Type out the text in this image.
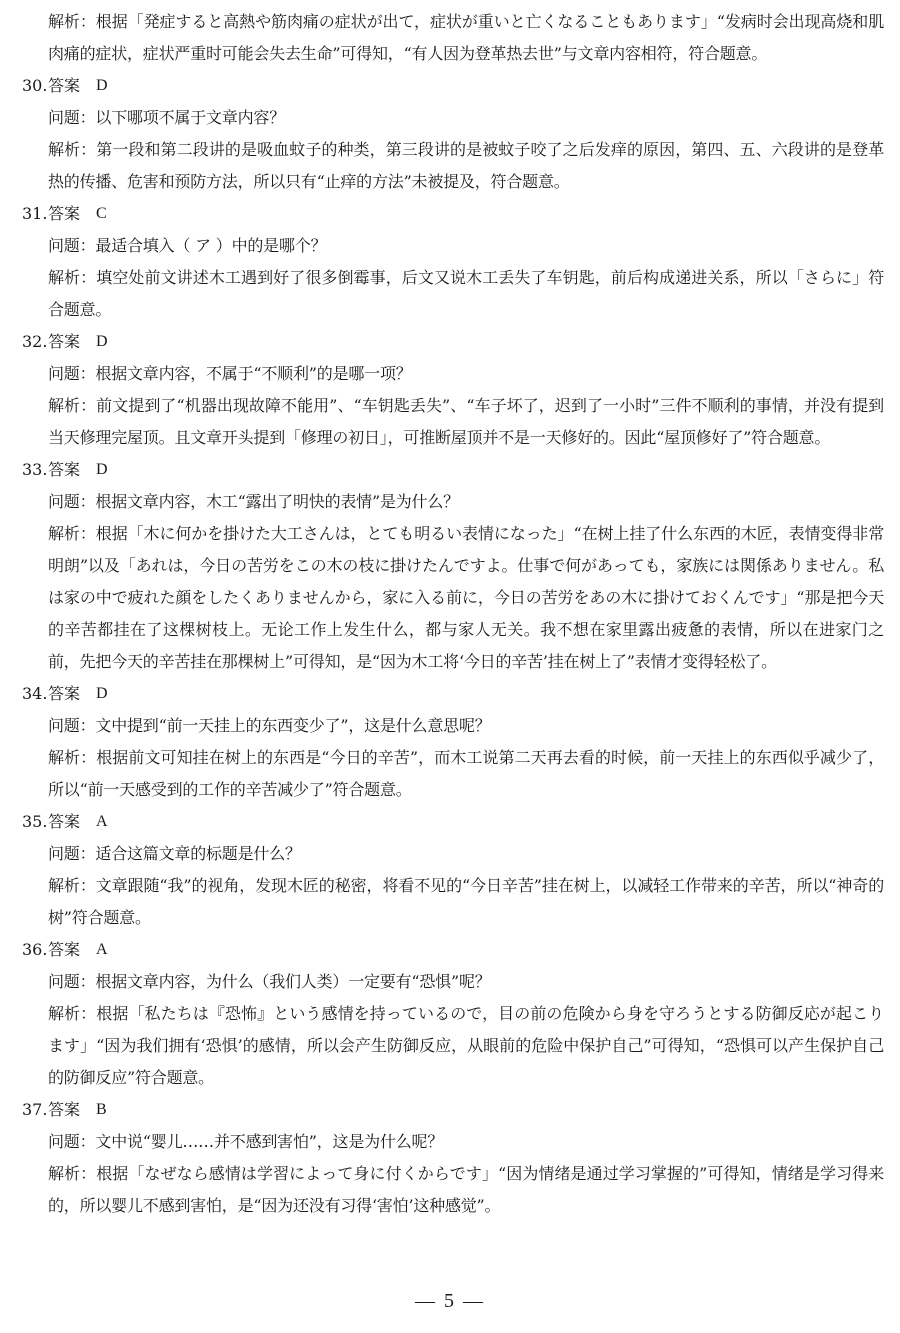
解析：根据「発症すると高熱や筋肉痛の症状が出て，症状が重いと亡くなることもあります」“发病时会出现高烧和肌肉痛的症状，症状严重时可能会失去生命”可得知，“有人因为登革热去世”与文章内容相符，符合题意。

30. 答案 D

问题：以下哪项不属于文章内容？

解析：第一段和第二段讲的是吸血蚊子的种类，第三段讲的是被蚊子咬了之后发痒的原因，第四、五、六段讲的是登革热的传播、危害和预防方法，所以只有“止痒的方法”未被提及，符合题意。

31. 答案 C

问题：最适合填入（ ア ）中的是哪个？

解析：填空处前文讲述木工遇到好了很多倒霉事，后文又说木工丢失了车钥匙，前后构成递进关系，所以「さらに」符合题意。

32. 答案 D

问题：根据文章内容，不属于“不顺利”的是哪一项？

解析：前文提到了“机器出现故障不能用”、“车钥匙丢失”、“车子坏了，迟到了一小时”三件不顺利的事情，并没有提到当天修理完屋顶。且文章开头提到「修理の初日」，可推断屋顶并不是一天修好的。因此“屋顶修好了”符合题意。

33. 答案 D

问题：根据文章内容，木工“露出了明快的表情”是为什么？

解析：根据「木に何かを掛けた大工さんは，とても明るい表情になった」“在树上挂了什么东西的木匠，表情变得非常明朗”以及「あれは，今日の苦労をこの木の枝に掛けたんですよ。仕事で何があっても，家族には関係ありません。私は家の中で疲れた顔をしたくありませんから，家に入る前に，今日の苦労をあの木に掛けておくんです」“那是把今天的辛苦都挂在了这棵树枝上。无论工作上发生什么，都与家人无关。我不想在家里露出疲惫的表情，所以在进家门之前，先把今天的辛苦挂在那棵树上”可得知，是“因为木工将‘今日的辛苦’挂在树上了”表情才变得轻松了。

34. 答案 D

问题：文中提到“前一天挂上的东西变少了”，这是什么意思呢？

解析：根据前文可知挂在树上的东西是“今日的辛苦”，而木工说第二天再去看的时候，前一天挂上的东西似乎减少了，所以“前一天感受到的工作的辛苦减少了”符合题意。

35. 答案 A

问题：适合这篇文章的标题是什么？

解析：文章跟随“我”的视角，发现木匠的秘密，将看不见的“今日辛苦”挂在树上，以减轻工作带来的辛苦，所以“神奇的树”符合题意。

36. 答案 A

问题：根据文章内容，为什么（我们人类）一定要有“恐惧”呢？

解析：根据「私たちは『恐怖』という感情を持っているので，目の前の危険から身を守ろうとする防御反応が起こります」“因为我们拥有‘恐惧’的感情，所以会产生防御反应，从眼前的危险中保护自己”可得知，“恐惧可以产生保护自己的防御反应”符合题意。

37. 答案 B

问题：文中说“婴儿……并不感到害怕”，这是为什么呢？

解析：根据「なぜなら感情は学習によって身に付くからです」“因为情绪是通过学习掌握的”可得知，情绪是学习得来的，所以婴儿不感到害怕，是“因为还没有习得‘害怕’这种感觉”。

— 5 —
